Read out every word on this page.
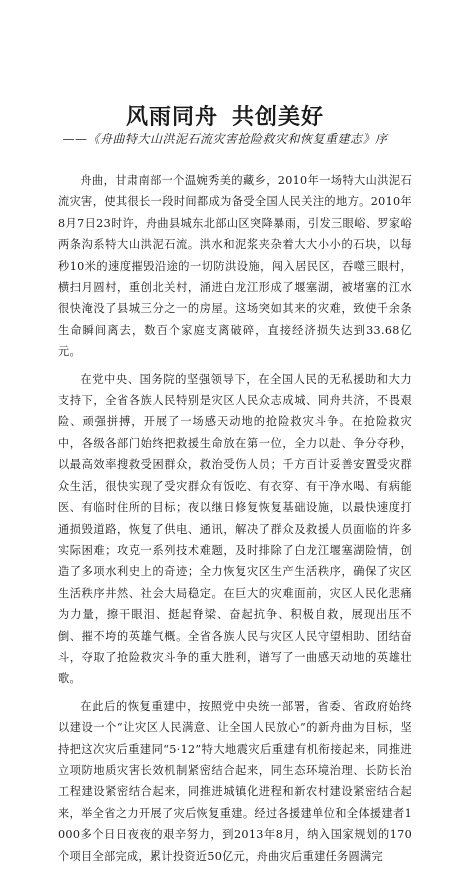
风雨同舟 共创美好

——《舟曲特大山洪泥石流灾害抢险救灾和恢复重建志》序

舟曲，甘肃南部一个温婉秀美的藏乡，2010年一场特大山洪泥石流灾害，使其很长一段时间都成为备受全国人民关注的地方。2010年8月7日23时许，舟曲县城东北部山区突降暴雨，引发三眼峪、罗家峪两条沟系特大山洪泥石流。洪水和泥浆夹杂着大大小小的石块，以每秒10米的速度摧毁沿途的一切防洪设施，闯入居民区，吞噬三眼村，横扫月圆村，重创北关村，涌进白龙江形成了堰塞湖，被堵塞的江水很快淹没了县城三分之一的房屋。这场突如其来的灾难，致使千余条生命瞬间离去，数百个家庭支离破碎，直接经济损失达到33.68亿元。

在党中央、国务院的坚强领导下，在全国人民的无私援助和大力支持下，全省各族人民特别是灾区人民众志成城、同舟共济，不畏艰险、顽强拼搏，开展了一场感天动地的抢险救灾斗争。在抢险救灾中，各级各部门始终把救援生命放在第一位，全力以赴、争分夺秒，以最高效率搜救受困群众，救治受伤人员；千方百计妥善安置受灾群众生活，很快实现了受灾群众有饭吃、有衣穿、有干净水喝、有病能医、有临时住所的目标；夜以继日修复恢复基础设施，以最快速度打通损毁道路，恢复了供电、通讯，解决了群众及救援人员面临的许多实际困难；攻克一系列技术难题，及时排除了白龙江堰塞湖险情，创造了多项水利史上的奇迹；全力恢复灾区生产生活秩序，确保了灾区生活秩序井然、社会大局稳定。在巨大的灾难面前，灾区人民化悲痛为力量，擦干眼泪、挺起脊梁、奋起抗争、积极自救，展现出压不倒、摧不垮的英雄气概。全省各族人民与灾区人民守望相助、团结奋斗，夺取了抢险救灾斗争的重大胜利，谱写了一曲感天动地的英雄壮歌。

在此后的恢复重建中，按照党中央统一部署，省委、省政府始终以建设一个“让灾区人民满意、让全国人民放心”的新舟曲为目标，坚持把这次灾后重建同“5·12”特大地震灾后重建有机衔接起来，同推进立项防地质灾害长效机制紧密结合起来，同生态环境治理、长防长治工程建设紧密结合起来，同推进城镇化进程和新农村建设紧密结合起来，举全省之力开展了灾后恢复重建。经过各援建单位和全体援建者1000多个日日夜夜的艰辛努力，到2013年8月，纳入国家规划的170个项目全部完成，累计投资近50亿元，舟曲灾后重建任务圆满完
